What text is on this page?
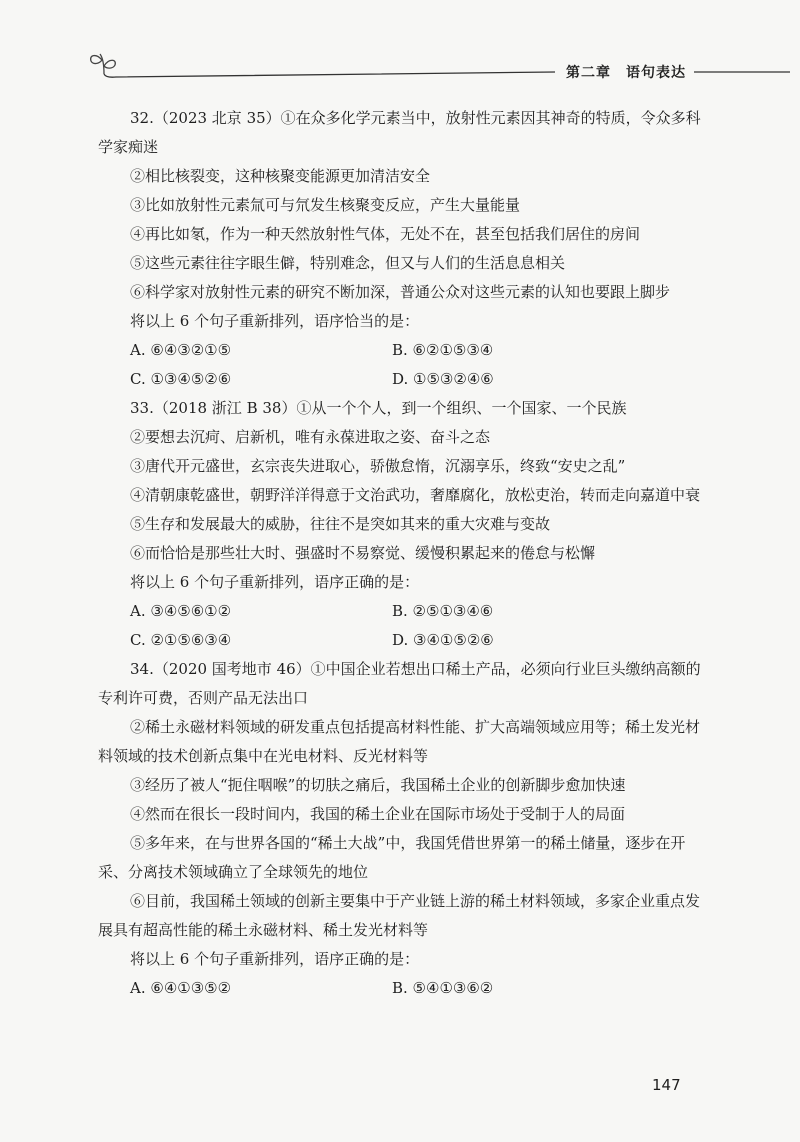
第二章　语句表达

32.（2023 北京 35）①在众多化学元素当中，放射性元素因其神奇的特质，令众多科学家痴迷

②相比核裂变，这种核聚变能源更加清洁安全

③比如放射性元素氚可与氘发生核聚变反应，产生大量能量

④再比如氡，作为一种天然放射性气体，无处不在，甚至包括我们居住的房间

⑤这些元素往往字眼生僻，特别难念，但又与人们的生活息息相关

⑥科学家对放射性元素的研究不断加深，普通公众对这些元素的认知也要跟上脚步

将以上 6 个句子重新排列，语序恰当的是：

A. ⑥④③②①⑤	B. ⑥②①⑤③④
C. ①③④⑤②⑥	D. ①⑤③②④⑥

33.（2018 浙江 B 38）①从一个个人，到一个组织、一个国家、一个民族

②要想去沉疴、启新机，唯有永葆进取之姿、奋斗之态

③唐代开元盛世，玄宗丧失进取心，骄傲怠惰，沉溺享乐，终致“安史之乱”

④清朝康乾盛世，朝野洋洋得意于文治武功，奢靡腐化，放松吏治，转而走向嘉道中衰

⑤生存和发展最大的威胁，往往不是突如其来的重大灾难与变故

⑥而恰恰是那些壮大时、强盛时不易察觉、缓慢积累起来的倦怠与松懈

将以上 6 个句子重新排列，语序正确的是：

A. ③④⑤⑥①②	B. ②⑤①③④⑥
C. ②①⑤⑥③④	D. ③④①⑤②⑥

34.（2020 国考地市 46）①中国企业若想出口稀土产品，必须向行业巨头缴纳高额的专利许可费，否则产品无法出口

②稀土永磁材料领域的研发重点包括提高材料性能、扩大高端领域应用等；稀土发光材料领域的技术创新点集中在光电材料、反光材料等

③经历了被人“扼住咽喉”的切肤之痛后，我国稀土企业的创新脚步愈加快速

④然而在很长一段时间内，我国的稀土企业在国际市场处于受制于人的局面

⑤多年来，在与世界各国的“稀土大战”中，我国凭借世界第一的稀土储量，逐步在开采、分离技术领域确立了全球领先的地位

⑥目前，我国稀土领域的创新主要集中于产业链上游的稀土材料领域，多家企业重点发展具有超高性能的稀土永磁材料、稀土发光材料等

将以上 6 个句子重新排列，语序正确的是：

A. ⑥④①③⑤②	B. ⑤④①③⑥②
147
